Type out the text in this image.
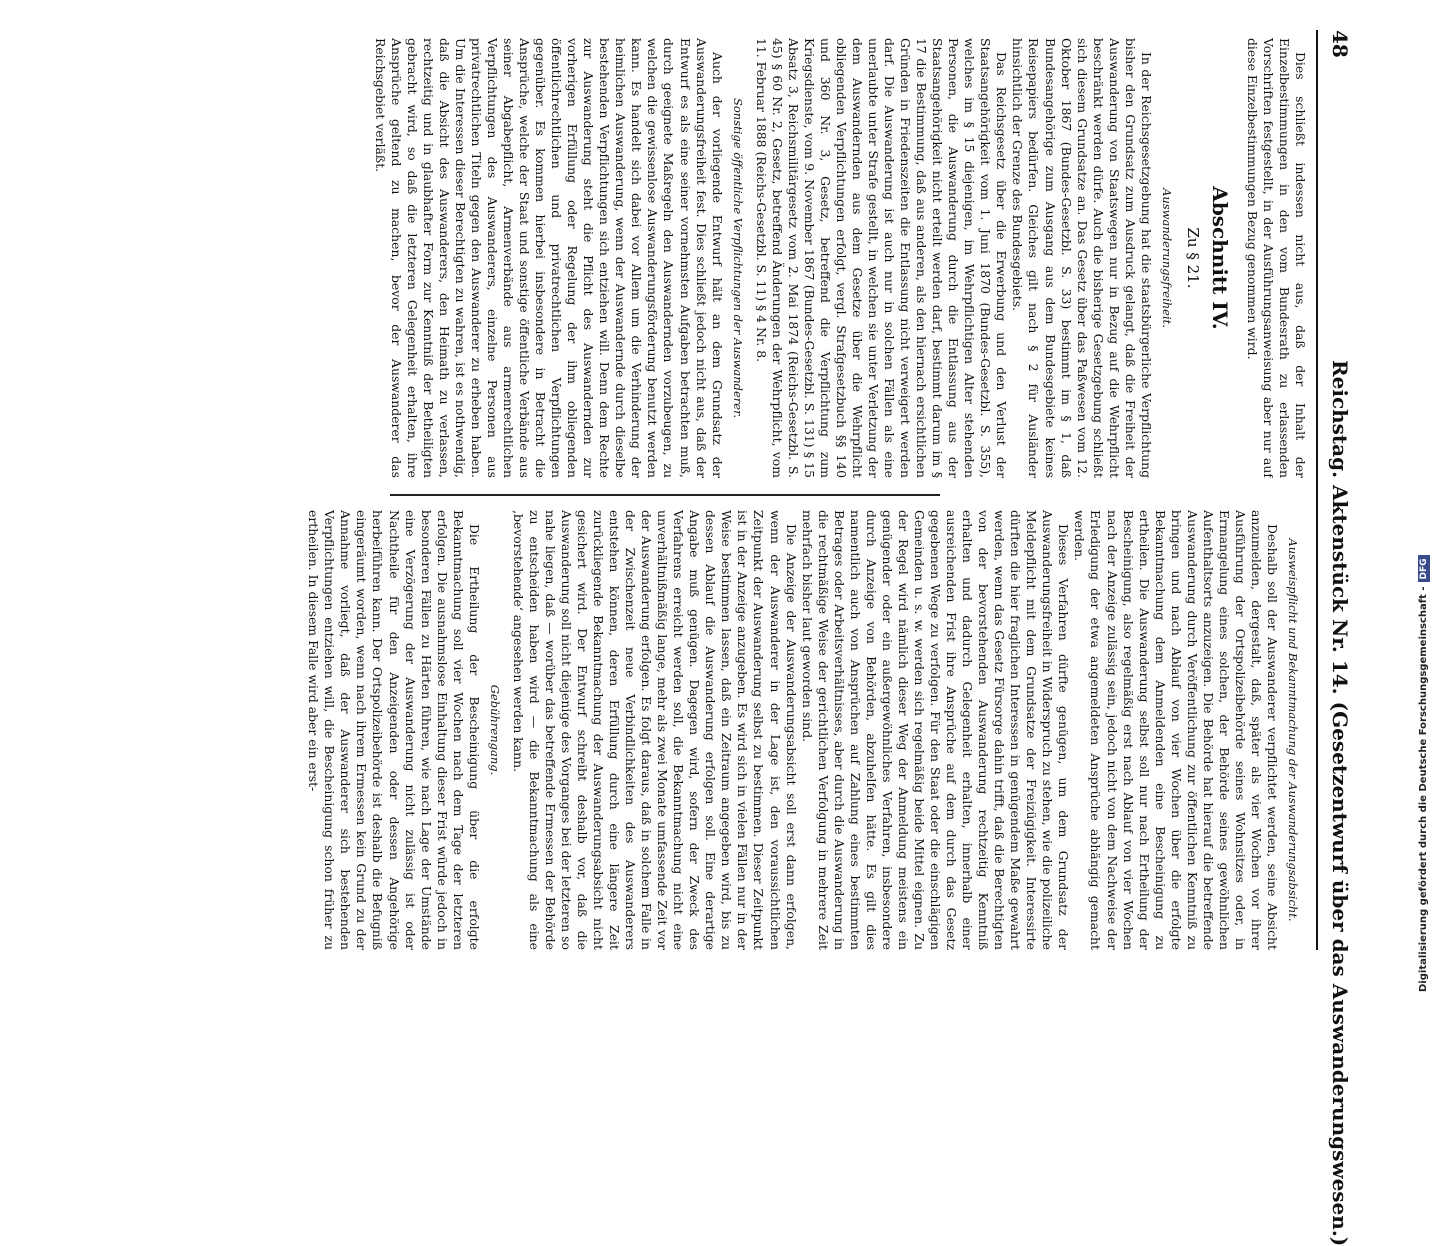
48
Reichstag. Aktenstück Nr. 14. (Gesetzentwurf über das Auswanderungswesen.)

Dies schließt indessen nicht aus, daß der Inhalt der Einzelbestimmungen in den vom Bundesrath zu erlassenden Vorschriften festgestellt, in der Ausführungsanweisung aber nur auf diese Einzelbestimmungen Bezug genommen wird.

Abschnitt IV.
Zu § 21.
Auswanderungsfreiheit.

In der Reichsgesetzgebung hat die staatsbürgerliche Verpflichtung bisher den Grundsatz zum Ausdruck gelangt, daß die Freiheit der Auswanderung von Staatswegen nur in Bezug auf die Wehrpflicht beschränkt werden dürfe. Auch die bisherige Gesetzgebung schließt sich diesem Grundsatze an. Das Gesetz über das Paßwesen vom 12. Oktober 1867 (Bundes-Gesetzbl. S. 33) bestimmt im § 1, daß Bundesangehörige zum Ausgang aus dem Bundesgebiete keines Reisepapiers bedürfen. Gleiches gilt nach § 2 für Ausländer hinsichtlich der Grenze des Bundesgebiets.

Das Reichsgesetz über die Erwerbung und den Verlust der Staatsangehörigkeit vom 1. Juni 1870 (Bundes-Gesetzbl. S. 355), welches im § 15 diejenigen, im Wehrpflichtigen Alter stehenden Personen, die Auswanderung durch die Entlassung aus der Staatsangehörigkeit nicht erteilt werden darf, bestimmt darum im § 17 die Bestimmung, daß aus anderen, als den hiernach ersichtlichen Gründen in Friedenszeiten die Entlassung nicht verweigert werden darf. Die Auswanderung ist auch nur in solchen Fällen als eine unerlaubte unter Strafe gestellt, in welchen sie unter Verletzung der dem Auswandernden aus dem Gesetze über die Wehrpflicht obliegenden Verpflichtungen erfolgt, vergl. Strafgesetzbuch §§ 140 und 360 Nr. 3, Gesetz, betreffend die Verpflichtung zum Kriegsdienste, vom 9. November 1867 (Bundes-Gesetzbl. S. 131) § 15 Absatz 3, Reichsmilitärgesetz vom 2. Mai 1874 (Reichs-Gesetzbl. S. 45) § 60 Nr. 2, Gesetz, betreffend Änderungen der Wehrpflicht, vom 11. Februar 1888 (Reichs-Gesetzbl. S. 11) § 4 Nr. 8.

Sonstige öffentliche Verpflichtungen der Auswanderer.

Auch der vorliegende Entwurf hält an dem Grundsatz der Auswanderungsfreiheit fest. Dies schließt jedoch nicht aus, daß der Entwurf es als eine seiner vornehmsten Aufgaben betrachten muß, durch geeignete Maßregeln den Auswandernden vorzubeugen, zu welchen die gewissenlose Auswanderungsförderung benutzt werden kann. Es handelt sich dabei vor Allem um die Verhinderung der heimlichen Auswanderung, wenn der Auswandernde durch dieselbe bestehenden Verpflichtungen sich entziehen will. Denn dem Rechte zur Auswanderung steht die Pflicht des Auswandernden zur vorherigen Erfüllung oder Regelung der ihm obliegenden öffentlichrechtlichen und privatrechtlichen Verpflichtungen gegenüber. Es kommen hierbei insbesondere in Betracht die Ansprüche, welche der Staat und sonstige öffentliche Verbände aus seiner Abgabepflicht, Armenverbände aus armenrechtlichen Verpflichtungen des Auswanderers, einzelne Personen aus privatrechtlichen Titeln gegen den Auswanderer zu erheben haben. Um die Interessen dieser Berechtigten zu wahren, ist es nothwendig, daß die Absicht des Auswanderers, den Heimath zu verlassen, rechtzeitig und in glaubhafter Form zur Kenntniß der Betheiligten gebracht wird, so daß die letzteren Gelegenheit erhalten, ihre Ansprüche geltend zu machen, bevor der Auswanderer das Reichsgebiet verläßt.

Ausweispflicht und Bekanntmachung der Auswanderungsabsicht.

Deshalb soll der Auswanderer verpflichtet werden, seine Absicht anzumelden, dergestalt, daß, später als vier Wochen vor ihrer Ausführung der Ortspolizeibehörde seines Wohnsitzes oder, in Ermangelung eines solchen, der Behörde seines gewöhnlichen Aufenthaltsorts anzuzeigen. Die Behörde hat hierauf die betreffende Auswanderung durch Veröffentlichung zur öffentlichen Kenntniß zu bringen und nach Ablauf von vier Wochen über die erfolgte Bekanntmachung dem Anmeldenden eine Bescheinigung zu ertheilen. Die Auswanderung selbst soll nur nach Ertheilung der Bescheinigung, also regelmäßig erst nach Ablauf von vier Wochen nach der Anzeige zulässig sein, jedoch nicht von dem Nachweise der Erledigung der etwa angemeldeten Ansprüche abhängig gemacht werden.

Dieses Verfahren dürfte genügen, um dem Grundsatz der Auswanderungsfreiheit in Widerspruch zu stehen, wie die polizeiliche Meldepflicht mit dem Grundsatze der Freizügigkeit. Interessirte dürften die hier fraglichen Interessen in genügendem Maße gewahrt werden, wenn das Gesetz Fürsorge dahin trifft, daß die Berechtigten von der bevorstehenden Auswanderung rechtzeitig Kenntniß erhalten und dadurch Gelegenheit erhalten, innerhalb einer ausreichenden Frist ihre Ansprüche auf dem durch das Gesetz gegebenen Wege zu verfolgen. Für den Staat oder die einschlägigen Gemeinden u. s. w. werden sich regelmäßig beide Mittel eignen. Zu der Regel wird nämlich dieser Weg der Anmeldung meistens ein genügender oder ein außergewöhnliches Verfahren, insbesondere durch Anzeige von Behörden, abzuhelfen hätte. Es gilt dies namentlich auch von Ansprüchen auf Zahlung eines bestimmten Betrages oder Arbeitsverhältnisses, aber durch die Auswanderung in die rechtmäßige Weise der gerichtlichen Verfolgung in mehrere Zeit mehrfach bisher laut geworden sind.

Die Anzeige der Auswanderungsabsicht soll erst dann erfolgen, wenn der Auswanderer in der Lage ist, den voraussichtlichen Zeitpunkt der Auswanderung selbst zu bestimmen. Dieser Zeitpunkt ist in der Anzeige anzugeben. Es wird sich in vielen Fällen nur in der Weise bestimmen lassen, daß ein Zeitraum angegeben wird, bis zu dessen Ablauf die Auswanderung erfolgen soll. Eine derartige Angabe muß genügen. Dagegen wird, sofern der Zweck des Verfahrens erreicht werden soll, die Bekanntmachung nicht eine unverhältnißmäßig lange, mehr als zwei Monate umfassende Zeit vor der Auswanderung erfolgen. Es folgt daraus, daß in solchem Falle in der Zwischenzeit neue Verbindlichkeiten des Auswanderers entstehen können, deren Erfüllung durch eine längere Zeit zurückliegende Bekanntmachung der Auswanderungsabsicht nicht gesichert wird. Der Entwurf schreibt deshalb vor, daß die Auswanderung soll nicht diejenige des Vorganges bei der letzteren so nahe liegen, daß — worüber das betreffende Ermessen der Behörde zu entscheiden haben wird — die Bekanntmachung als eine ‚bevorstehende‘ angesehen werden kann.

Gebührengang.

Die Ertheilung der Bescheinigung über die erfolgte Bekanntmachung soll vier Wochen nach dem Tage der letzteren erfolgen. Die ausnahmslose Einhaltung dieser Frist würde jedoch in besonderen Fällen zu Härten führen, wie nach Lage der Umstände eine Verzögerung der Auswanderung nicht zulässig ist oder Nachtheile für den Anzeigenden oder dessen Angehörige herbeiführen kann. Der Ortspolizeibehörde ist deshalb die Befugniß eingeräumt worden, wenn nach ihrem Ermessen kein Grund zu der Annahme vorliegt, daß der Auswanderer sich bestehenden Verpflichtungen entziehen will, die Bescheinigung schon früher zu ertheilen. In diesem Falle wird aber ein erst-	Digitalisierung gefördert durch die Deutsche Forschungsgemeinschaft -DFG
